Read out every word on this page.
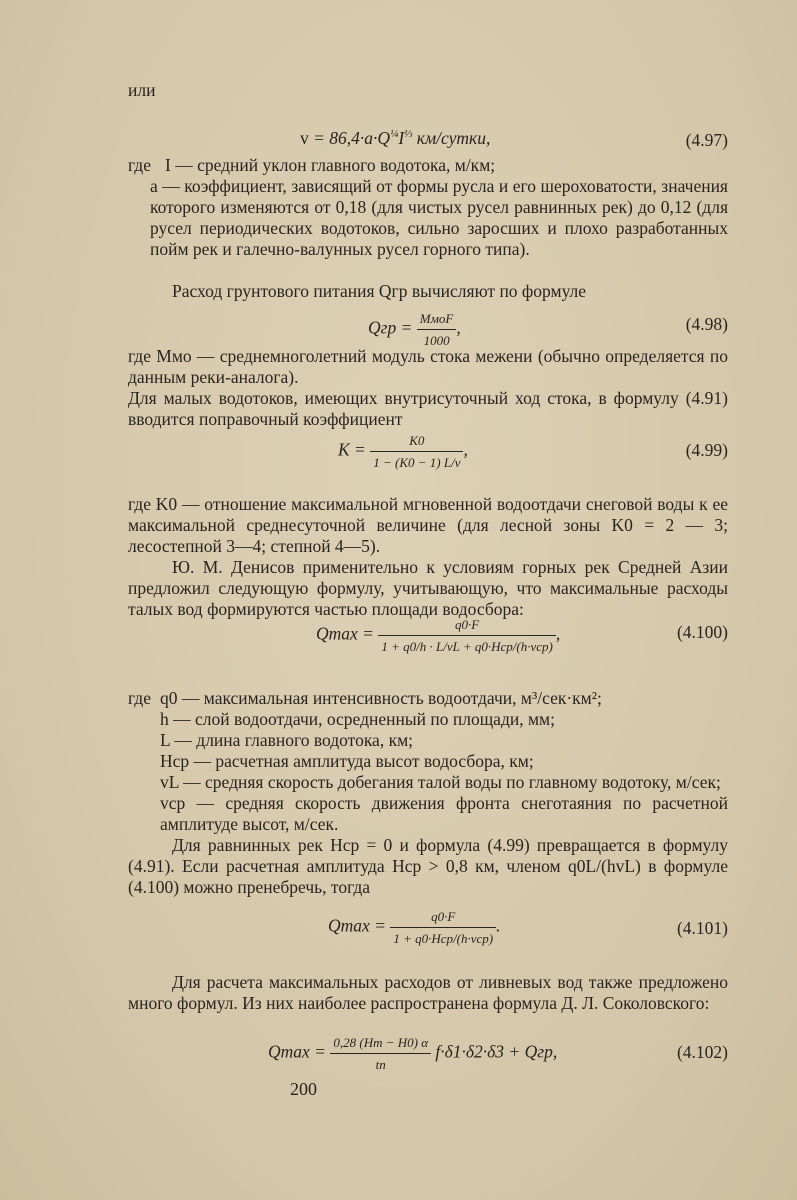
или
$v = 86,4\cdot a\cdot Q^{\frac{1}{4}}I^{\frac{1}{3}}$ км/сутки,	(4.97)
где I — средний уклон главного водотока, м/км;
a — коэффициент, зависящий от формы русла и его шероховатости, значения которого изменяются от 0,18 (для чистых русел равнинных рек) до 0,12 (для русел периодических водотоков, сильно заросших и плохо разработанных пойм рек и галечно-валунных русел горного типа).
Расход грунтового питания Qгр вычисляют по формуле
Qгр = $\frac{\text{MмоF}}{1000}$ ,	(4.98)
где Mмо — среднемноголетний модуль стока межени (обычно определяется по данным реки-аналога).
Для малых водотоков, имеющих внутрисуточный ход стока, в формулу (4.91) вводится поправочный коэффициент
$K = \frac{K0}{1 - (K0 - 1) L/v}$ ,	(4.99)
где K0 — отношение максимальной мгновенной водоотдачи снеговой воды к ее максимальной среднесуточной величине (для лесной зоны K0 = 2 — 3; лесостепной 3—4; степной 4—5).
Ю. М. Денисов применительно к условиям горных рек Средней Азии предложил следующую формулу, учитывающую, что максимальные расходы талых вод формируются частью площади водосбора:
$Qmax = \frac{q0\cdot F}{\text{1 + q0/h · L/vL + q0·Hср/(h·vср)}}$ ,	(4.100)
где q0 — максимальная интенсивность водоотдачи, м³/сек·км²;
h — слой водоотдачи, осредненный по площади, мм;
L — длина главного водотока, км;
Hср — расчетная амплитуда высот водосбора, км;
vL — средняя скорость добегания талой воды по главному водотоку, м/сек;
vср — средняя скорость движения фронта снеготаяния по расчетной амплитуде высот, м/сек.
Для равнинных рек Hср = 0 и формула (4.99) превращается в формулу (4.91). Если расчетная амплитуда Hср > 0,8 км, членом q0L/(hvL) в формуле (4.100) можно пренебречь, тогда
$Qmax = \frac{q0\cdot F}{\text{1 + q0·Hср/(h·vср)}}$ .	(4.101)
Для расчета максимальных расходов от ливневых вод также предложено много формул. Из них наиболее распространена формула Д. Л. Соколовского:
$Qmax = \frac{0,28 (Hm - H0) \alpha}{tn} f\cdot\delta 1\cdot\delta 2\cdot\delta 3$ + Qгр,	(4.102)
200
